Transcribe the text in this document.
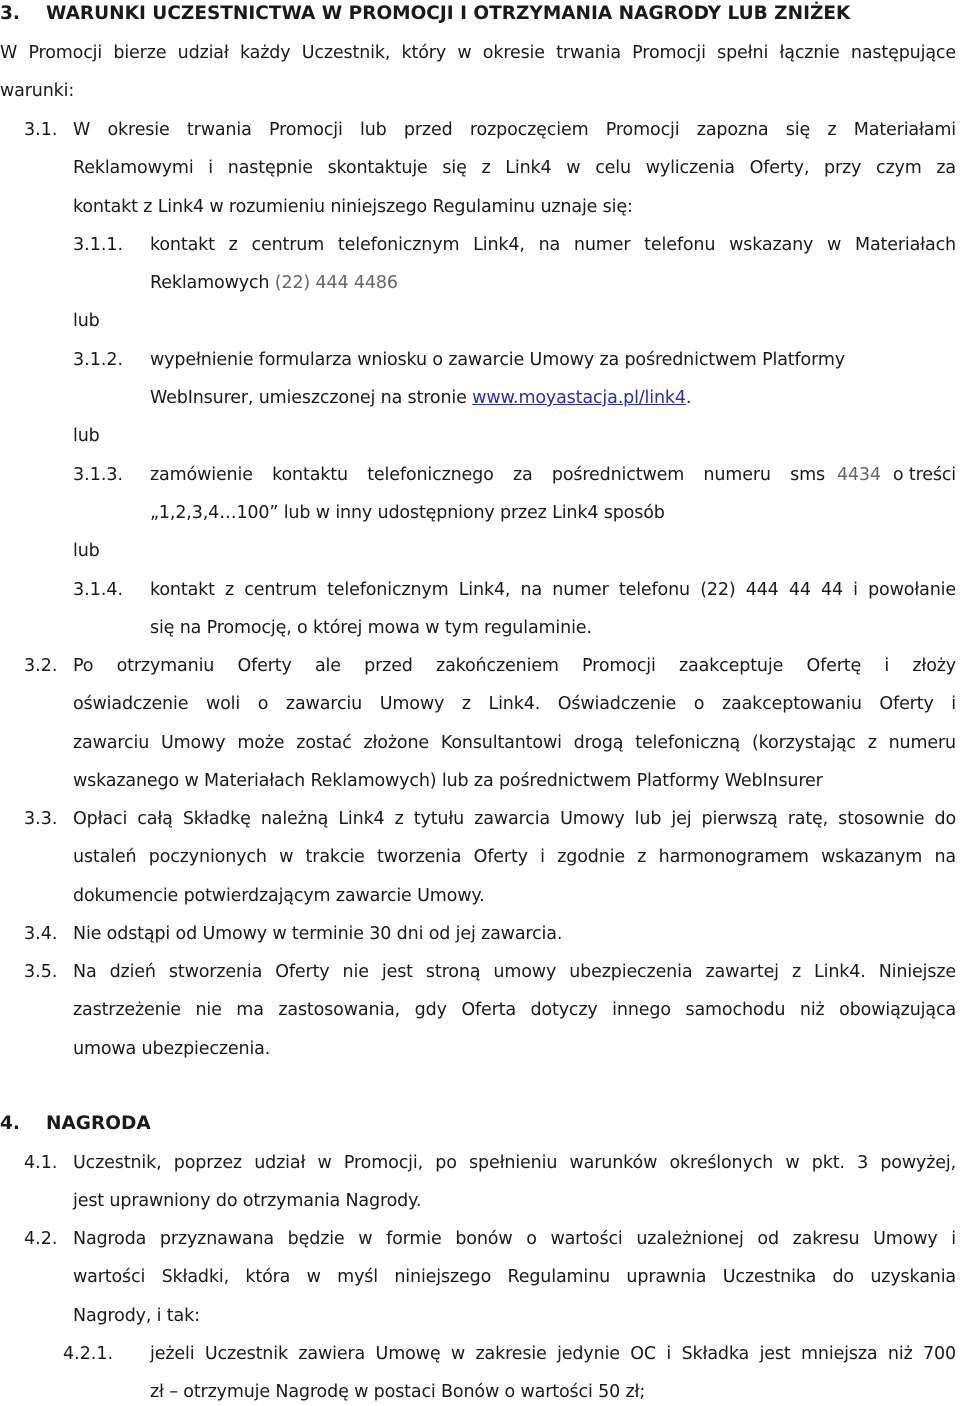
3. WARUNKI UCZESTNICTWA W PROMOCJI I OTRZYMANIA NAGRODY LUB ZNIŻEK
W Promocji bierze udział każdy Uczestnik, który w okresie trwania Promocji spełni łącznie następujące
warunki:
3.1. W okresie trwania Promocji lub przed rozpoczęciem Promocji zapozna się z Materiałami
Reklamowymi i następnie skontaktuje się z Link4 w celu wyliczenia Oferty, przy czym za
kontakt z Link4 w rozumieniu niniejszego Regulaminu uznaje się:
3.1.1. kontakt z centrum telefonicznym Link4, na numer telefonu wskazany w Materiałach
Reklamowych (22) 444 4486
lub
3.1.2. wypełnienie formularza wniosku o zawarcie Umowy za pośrednictwem Platformy
WebInsurer, umieszczonej na stronie www.moyastacja.pl/link4.
lub
3.1.3. zamówienie kontaktu telefonicznego za pośrednictwem numeru sms 4434 o treści
„1,2,3,4…100” lub w inny udostępniony przez Link4 sposób
lub
3.1.4. kontakt z centrum telefonicznym Link4, na numer telefonu (22) 444 44 44 i powołanie
się na Promocję, o której mowa w tym regulaminie.
3.2. Po otrzymaniu Oferty ale przed zakończeniem Promocji zaakceptuje Ofertę i złoży
oświadczenie woli o zawarciu Umowy z Link4. Oświadczenie o zaakceptowaniu Oferty i
zawarciu Umowy może zostać złożone Konsultantowi drogą telefoniczną (korzystając z numeru
wskazanego w Materiałach Reklamowych) lub za pośrednictwem Platformy WebInsurer
3.3. Opłaci całą Składkę należną Link4 z tytułu zawarcia Umowy lub jej pierwszą ratę, stosownie do
ustaleń poczynionych w trakcie tworzenia Oferty i zgodnie z harmonogramem wskazanym na
dokumencie potwierdzającym zawarcie Umowy.
3.4. Nie odstąpi od Umowy w terminie 30 dni od jej zawarcia.
3.5. Na dzień stworzenia Oferty nie jest stroną umowy ubezpieczenia zawartej z Link4. Niniejsze
zastrzeżenie nie ma zastosowania, gdy Oferta dotyczy innego samochodu niż obowiązująca
umowa ubezpieczenia.
4. NAGRODA
4.1. Uczestnik, poprzez udział w Promocji, po spełnieniu warunków określonych w pkt. 3 powyżej,
jest uprawniony do otrzymania Nagrody.
4.2. Nagroda przyznawana będzie w formie bonów o wartości uzależnionej od zakresu Umowy i
wartości Składki, która w myśl niniejszego Regulaminu uprawnia Uczestnika do uzyskania
Nagrody, i tak:
4.2.1. jeżeli Uczestnik zawiera Umowę w zakresie jedynie OC i Składka jest mniejsza niż 700
zł – otrzymuje Nagrodę w postaci Bonów o wartości 50 zł;
